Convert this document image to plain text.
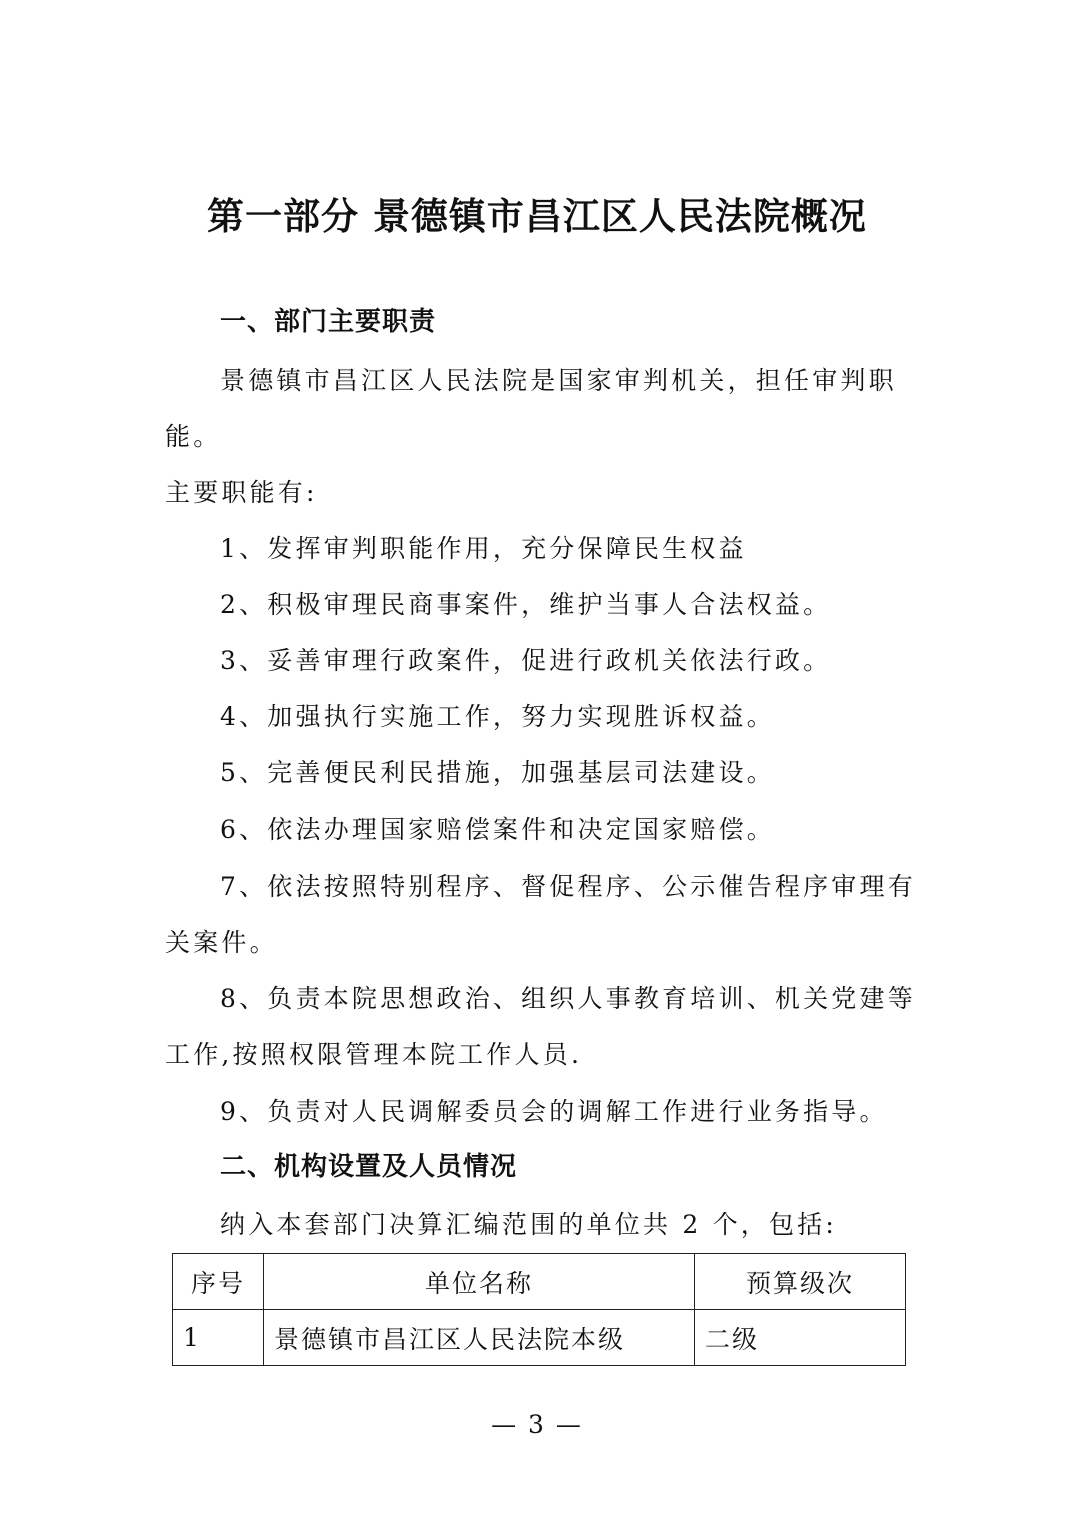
第一部分 景德镇市昌江区人民法院概况

一、部门主要职责

景德镇市昌江区人民法院是国家审判机关，担任审判职

能。

主要职能有:

1、发挥审判职能作用，充分保障民生权益

2、积极审理民商事案件，维护当事人合法权益。

3、妥善审理行政案件，促进行政机关依法行政。

4、加强执行实施工作，努力实现胜诉权益。

5、完善便民利民措施，加强基层司法建设。

6、依法办理国家赔偿案件和决定国家赔偿。

7、依法按照特别程序、督促程序、公示催告程序审理有

关案件。

8、负责本院思想政治、组织人事教育培训、机关党建等

工作,按照权限管理本院工作人员.

9、负责对人民调解委员会的调解工作进行业务指导。

二、机构设置及人员情况

纳入本套部门决算汇编范围的单位共 2 个，包括:

序号	单位名称	预算级次
1	景德镇市昌江区人民法院本级	二级
— 3 —
